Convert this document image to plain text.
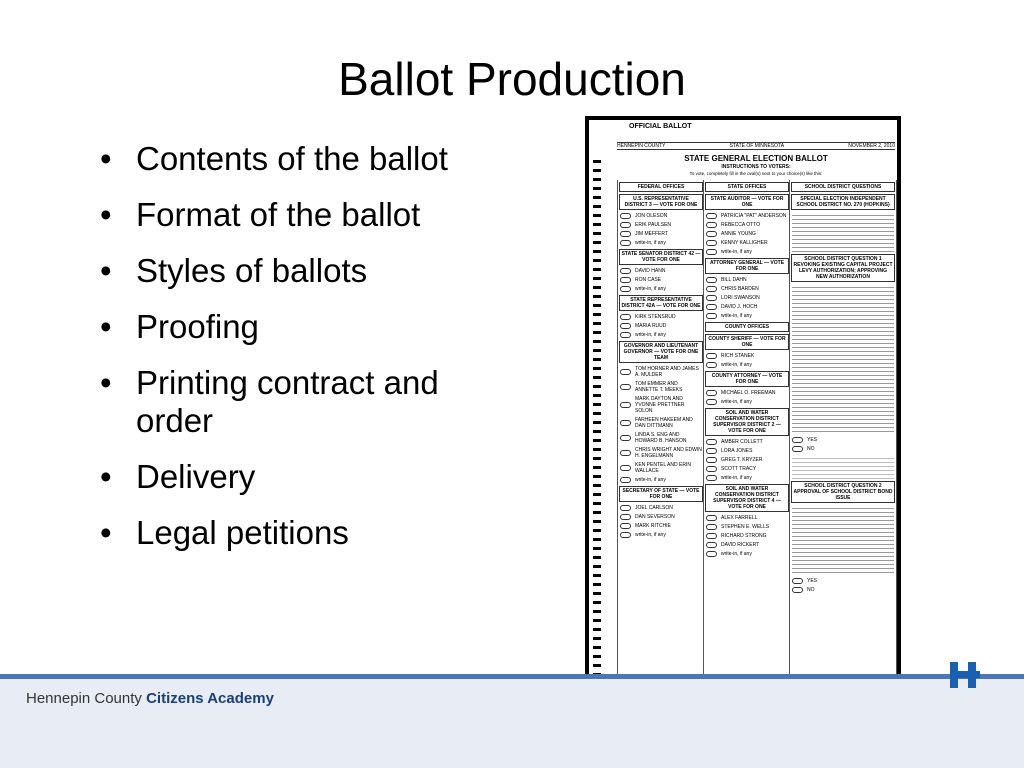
Ballot Production
• Contents of the ballot
• Format of the ballot
• Styles of ballots
• Proofing
• Printing contract and order
• Delivery
• Legal petitions
OFFICIAL BALLOT
HENNEPIN COUNTY	STATE OF MINNESOTA	NOVEMBER 2, 2010
STATE GENERAL ELECTION BALLOT
INSTRUCTIONS TO VOTERS:
To vote, completely fill in the oval(s) next to your choice(s) like this:
FEDERAL OFFICES
U.S. REPRESENTATIVE DISTRICT 3 — VOTE FOR ONE
JON OLESON
ERIK PAULSEN
JIM MEFFERT
write-in, if any
STATE SENATOR DISTRICT 42 — VOTE FOR ONE
DAVID HANN
RON CASE
write-in, if any
STATE REPRESENTATIVE DISTRICT 42A — VOTE FOR ONE
KIRK STENSRUD
MARIA RUUD
write-in, if any
GOVERNOR AND LIEUTENANT GOVERNOR — VOTE FOR ONE TEAM
TOM HORNER AND JAMES A. MULDER
TOM EMMER AND ANNETTE T. MEEKS
MARK DAYTON AND YVONNE PRETTNER SOLON
FARHEEN HAKEEM AND DAN DITTMANN
LINDA S. ENG AND HOWARD B. HANSON
CHRIS WRIGHT AND EDWIN H. ENGELMANN
KEN PENTEL AND ERIN WALLACE
write-in, if any
SECRETARY OF STATE — VOTE FOR ONE
JOEL CARLSON
DAN SEVERSON
MARK RITCHIE
write-in, if any
STATE OFFICES
STATE AUDITOR — VOTE FOR ONE
PATRICIA "PAT" ANDERSON
REBECCA OTTO
ANNIE YOUNG
KENNY KALLIGHER
write-in, if any
ATTORNEY GENERAL — VOTE FOR ONE
BILL DAHN
CHRIS BARDEN
LORI SWANSON
DAVID J. HOCH
write-in, if any
COUNTY OFFICES
COUNTY SHERIFF — VOTE FOR ONE
RICH STANEK
write-in, if any
COUNTY ATTORNEY — VOTE FOR ONE
MICHAEL O. FREEMAN
write-in, if any
SOIL AND WATER CONSERVATION DISTRICT SUPERVISOR DISTRICT 2 — VOTE FOR ONE
AMBER COLLETT
LORA JONES
GREG T. KRYZER
SCOTT TRACY
write-in, if any
SOIL AND WATER CONSERVATION DISTRICT SUPERVISOR DISTRICT 4 — VOTE FOR ONE
ALEX FARRELL
STEPHEN E. WELLS
RICHARD STRONG
DAVID RICKERT
write-in, if any
SCHOOL DISTRICT QUESTIONS
SPECIAL ELECTION INDEPENDENT SCHOOL DISTRICT NO. 270 (HOPKINS)
SCHOOL DISTRICT QUESTION 1 REVOKING EXISTING CAPITAL PROJECT LEVY AUTHORIZATION; APPROVING NEW AUTHORIZATION
YES
NO
SCHOOL DISTRICT QUESTION 2 APPROVAL OF SCHOOL DISTRICT BOND ISSUE
YES
NO
Hennepin County Citizens Academy
